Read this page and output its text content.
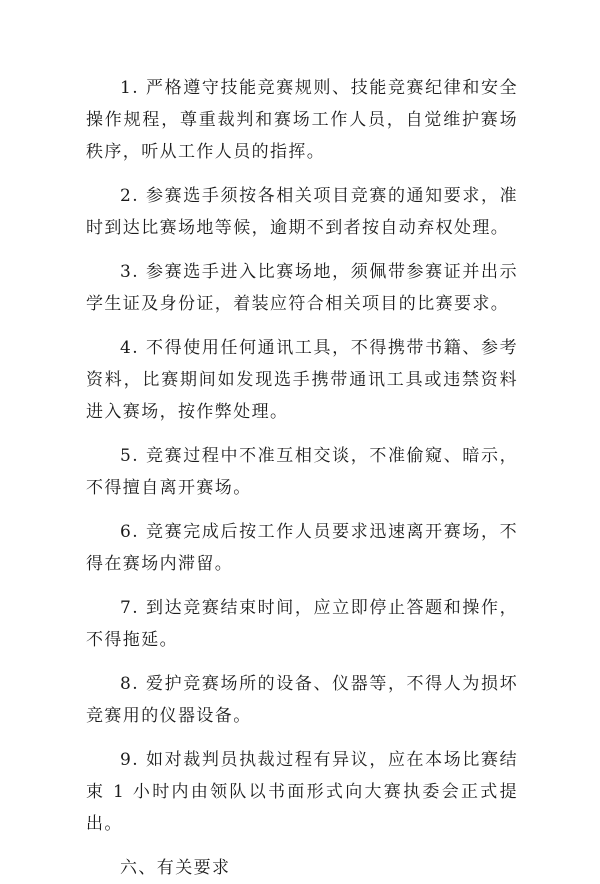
1. 严格遵守技能竞赛规则、技能竞赛纪律和安全操作规程，尊重裁判和赛场工作人员，自觉维护赛场秩序，听从工作人员的指挥。

2. 参赛选手须按各相关项目竞赛的通知要求，准时到达比赛场地等候，逾期不到者按自动弃权处理。

3. 参赛选手进入比赛场地，须佩带参赛证并出示学生证及身份证，着装应符合相关项目的比赛要求。

4. 不得使用任何通讯工具，不得携带书籍、参考资料，比赛期间如发现选手携带通讯工具或违禁资料进入赛场，按作弊处理。

5. 竞赛过程中不准互相交谈，不准偷窥、暗示，不得擅自离开赛场。

6. 竞赛完成后按工作人员要求迅速离开赛场，不得在赛场内滞留。

7. 到达竞赛结束时间，应立即停止答题和操作，不得拖延。

8. 爱护竞赛场所的设备、仪器等，不得人为损坏竞赛用的仪器设备。

9. 如对裁判员执裁过程有异议，应在本场比赛结束 1 小时内由领队以书面形式向大赛执委会正式提出。

六、有关要求
